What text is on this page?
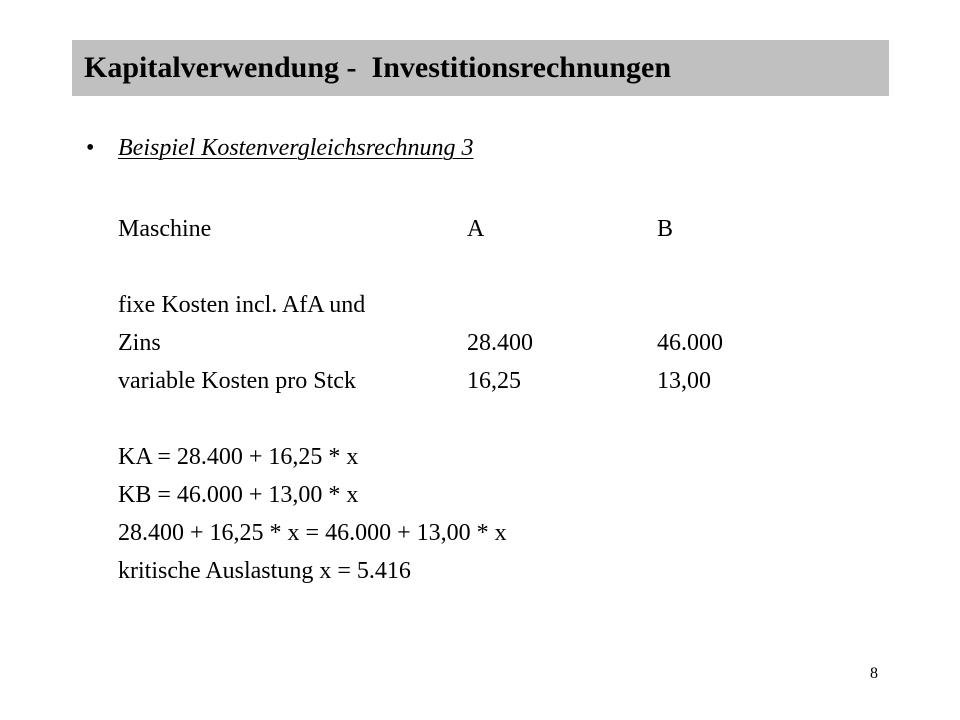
Kapitalverwendung -  Investitionsrechnungen
• Beispiel Kostenvergleichsrechnung 3
Maschine	A	B
fixe Kosten incl. AfA und
Zins	28.400	46.000
variable Kosten pro Stck	16,25	13,00
KA = 28.400 + 16,25 * x
KB = 46.000 + 13,00 * x
28.400 + 16,25 * x = 46.000 + 13,00 * x
kritische Auslastung x = 5.416
8
